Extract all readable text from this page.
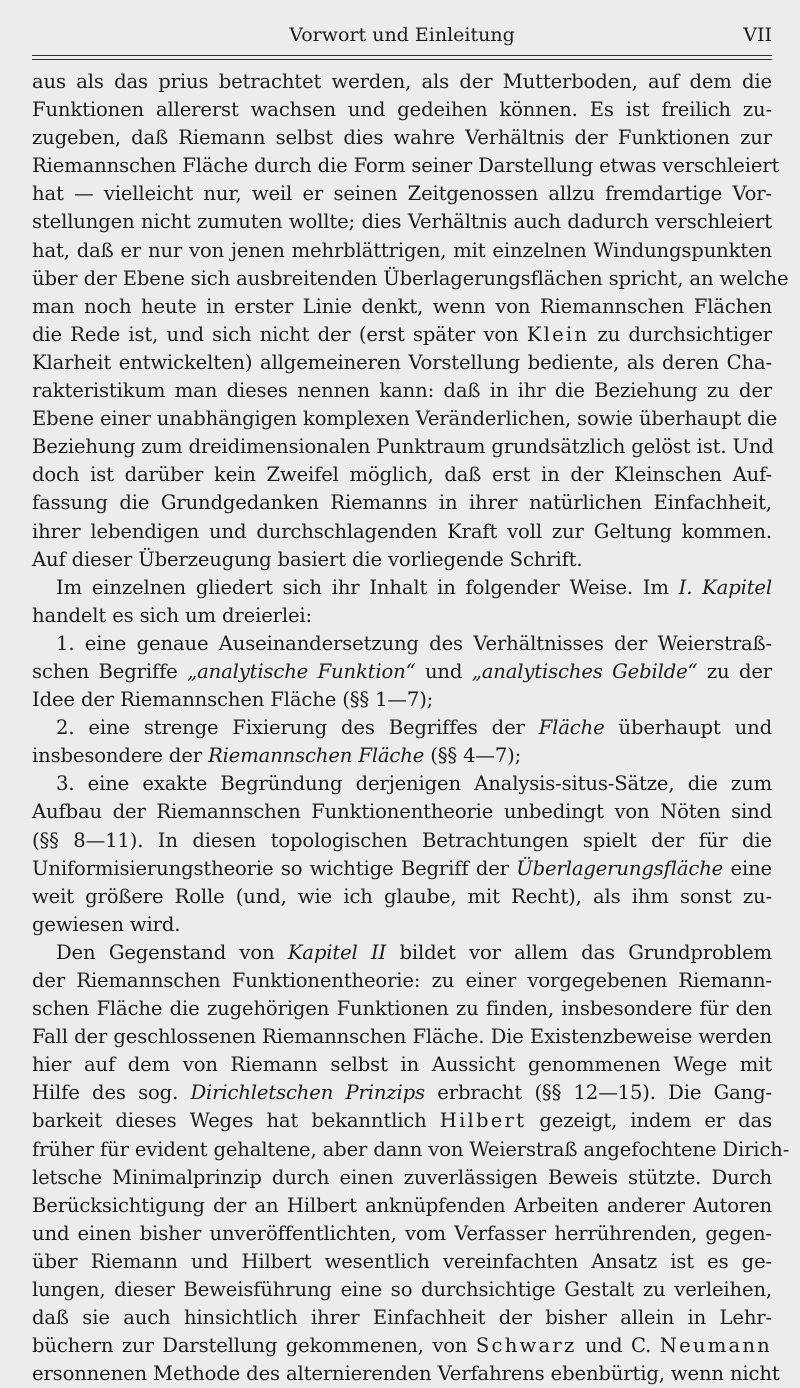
Vorwort und Einleitung	VII
aus als das prius betrachtet werden, als der Mutterboden, auf dem die
Funktionen allererst wachsen und gedeihen können. Es ist freilich zu-
zugeben, daß Riemann selbst dies wahre Verhältnis der Funktionen zur
Riemannschen Fläche durch die Form seiner Darstellung etwas verschleiert
hat — vielleicht nur, weil er seinen Zeitgenossen allzu fremdartige Vor-
stellungen nicht zumuten wollte; dies Verhältnis auch dadurch verschleiert
hat, daß er nur von jenen mehrblättrigen, mit einzelnen Windungspunkten
über der Ebene sich ausbreitenden Überlagerungsflächen spricht, an welche
man noch heute in erster Linie denkt, wenn von Riemannschen Flächen
die Rede ist, und sich nicht der (erst später von Klein zu durchsichtiger
Klarheit entwickelten) allgemeineren Vorstellung bediente, als deren Cha-
rakteristikum man dieses nennen kann: daß in ihr die Beziehung zu der
Ebene einer unabhängigen komplexen Veränderlichen, sowie überhaupt die
Beziehung zum dreidimensionalen Punktraum grundsätzlich gelöst ist. Und
doch ist darüber kein Zweifel möglich, daß erst in der Kleinschen Auf-
fassung die Grundgedanken Riemanns in ihrer natürlichen Einfachheit,
ihrer lebendigen und durchschlagenden Kraft voll zur Geltung kommen.
Auf dieser Überzeugung basiert die vorliegende Schrift.
Im einzelnen gliedert sich ihr Inhalt in folgender Weise. Im I. Kapitel
handelt es sich um dreierlei:
1. eine genaue Auseinandersetzung des Verhältnisses der Weierstraß-
schen Begriffe „analytische Funktion“ und „analytisches Gebilde“ zu der
Idee der Riemannschen Fläche (§§ 1—7);
2. eine strenge Fixierung des Begriffes der Fläche überhaupt und
insbesondere der Riemannschen Fläche (§§ 4—7);
3. eine exakte Begründung derjenigen Analysis-situs-Sätze, die zum
Aufbau der Riemannschen Funktionentheorie unbedingt von Nöten sind
(§§ 8—11). In diesen topologischen Betrachtungen spielt der für die
Uniformisierungstheorie so wichtige Begriff der Überlagerungsfläche eine
weit größere Rolle (und, wie ich glaube, mit Recht), als ihm sonst zu-
gewiesen wird.
Den Gegenstand von Kapitel II bildet vor allem das Grundproblem
der Riemannschen Funktionentheorie: zu einer vorgegebenen Riemann-
schen Fläche die zugehörigen Funktionen zu finden, insbesondere für den
Fall der geschlossenen Riemannschen Fläche. Die Existenzbeweise werden
hier auf dem von Riemann selbst in Aussicht genommenen Wege mit
Hilfe des sog. Dirichletschen Prinzips erbracht (§§ 12—15). Die Gang-
barkeit dieses Weges hat bekanntlich Hilbert gezeigt, indem er das
früher für evident gehaltene, aber dann von Weierstraß angefochtene Dirich-
letsche Minimalprinzip durch einen zuverlässigen Beweis stützte. Durch
Berücksichtigung der an Hilbert anknüpfenden Arbeiten anderer Autoren
und einen bisher unveröffentlichten, vom Verfasser herrührenden, gegen-
über Riemann und Hilbert wesentlich vereinfachten Ansatz ist es ge-
lungen, dieser Beweisführung eine so durchsichtige Gestalt zu verleihen,
daß sie auch hinsichtlich ihrer Einfachheit der bisher allein in Lehr-
büchern zur Darstellung gekommenen, von Schwarz und C. Neumann
ersonnenen Methode des alternierenden Verfahrens ebenbürtig, wenn nicht
